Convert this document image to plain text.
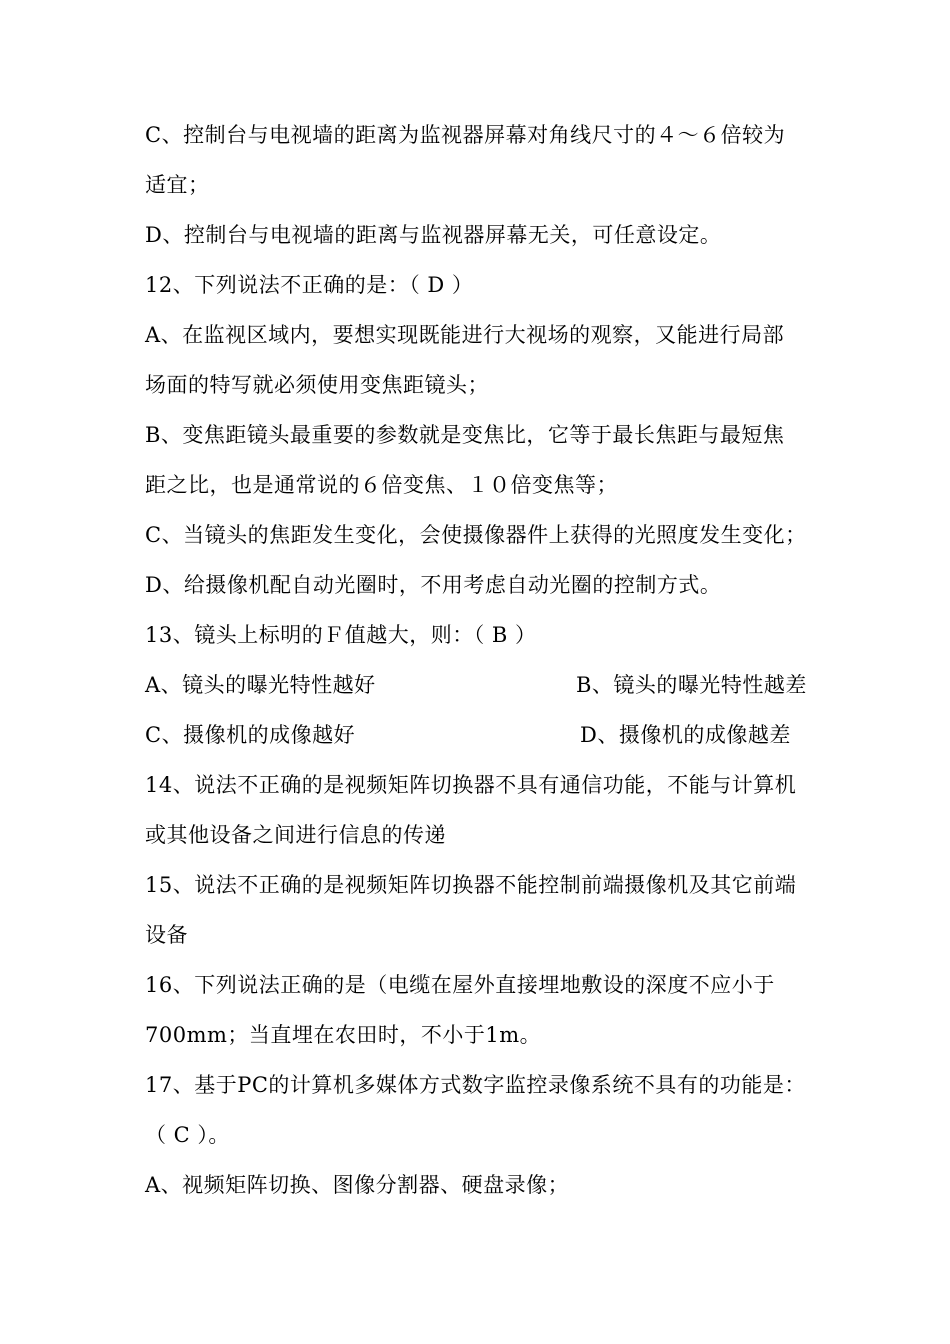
C、控制台与电视墙的距离为监视器屏幕对角线尺寸的４～６倍较为
适宜；
D、控制台与电视墙的距离与监视器屏幕无关，可任意设定。
12、下列说法不正确的是：（ D ）
A、在监视区域内，要想实现既能进行大视场的观察，又能进行局部
场面的特写就必须使用变焦距镜头；
B、变焦距镜头最重要的参数就是变焦比，它等于最长焦距与最短焦
距之比，也是通常说的６倍变焦、１０倍变焦等；
C、当镜头的焦距发生变化，会使摄像器件上获得的光照度发生变化；
D、给摄像机配自动光圈时，不用考虑自动光圈的控制方式。
13、镜头上标明的Ｆ值越大，则：（ B ）
A、镜头的曝光特性越好	B、镜头的曝光特性越差
C、摄像机的成像越好	D、摄像机的成像越差
14、说法不正确的是视频矩阵切换器不具有通信功能，不能与计算机
或其他设备之间进行信息的传递
15、说法不正确的是视频矩阵切换器不能控制前端摄像机及其它前端
设备
16、下列说法正确的是（电缆在屋外直接埋地敷设的深度不应小于
700mm；当直埋在农田时，不小于1m。
17、基于PC的计算机多媒体方式数字监控录像系统不具有的功能是：
（ C ）。
A、视频矩阵切换、图像分割器、硬盘录像；
